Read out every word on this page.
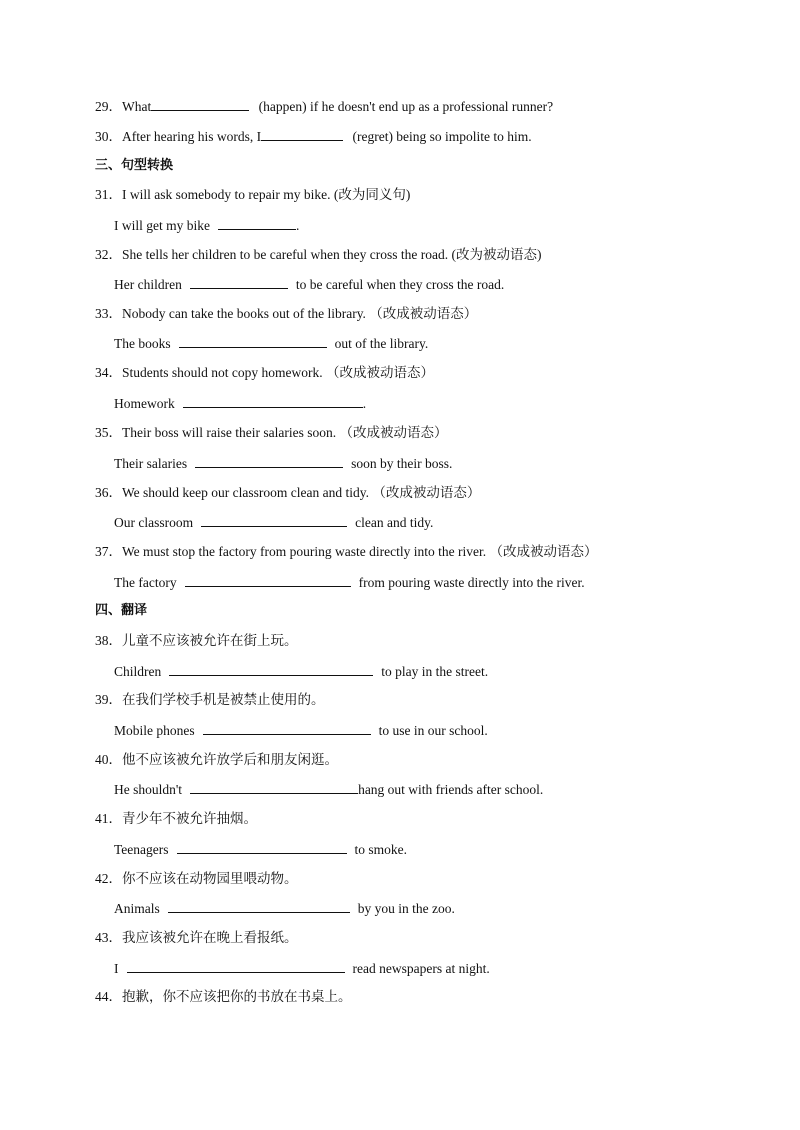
29．What	(happen) if he doesn't end up as a professional runner?
30．After hearing his words, I	(regret) being so impolite to him.
三、句型转换
31．I will ask somebody to repair my bike. (改为同义句)
I will get my bike	.
32．She tells her children to be careful when they cross the road. (改为被动语态)
Her children	to be careful when they cross the road.
33．Nobody can take the books out of the library. （改成被动语态）
The books	out of the library.
34．Students should not copy homework. （改成被动语态）
Homework	.
35．Their boss will raise their salaries soon. （改成被动语态）
Their salaries	soon by their boss.
36．We should keep our classroom clean and tidy. （改成被动语态）
Our classroom	clean and tidy.
37．We must stop the factory from pouring waste directly into the river. （改成被动语态）
The factory	from pouring waste directly into the river.
四、翻译
38．儿童不应该被允许在街上玩。
Children	to play in the street.
39．在我们学校手机是被禁止使用的。
Mobile phones	to use in our school.
40．他不应该被允许放学后和朋友闲逛。
He shouldn't	hang out with friends after school.
41．青少年不被允许抽烟。
Teenagers	to smoke.
42．你不应该在动物园里喂动物。
Animals	by you in the zoo.
43．我应该被允许在晚上看报纸。
I	read newspapers at night.
44．抱歉，你不应该把你的书放在书桌上。
